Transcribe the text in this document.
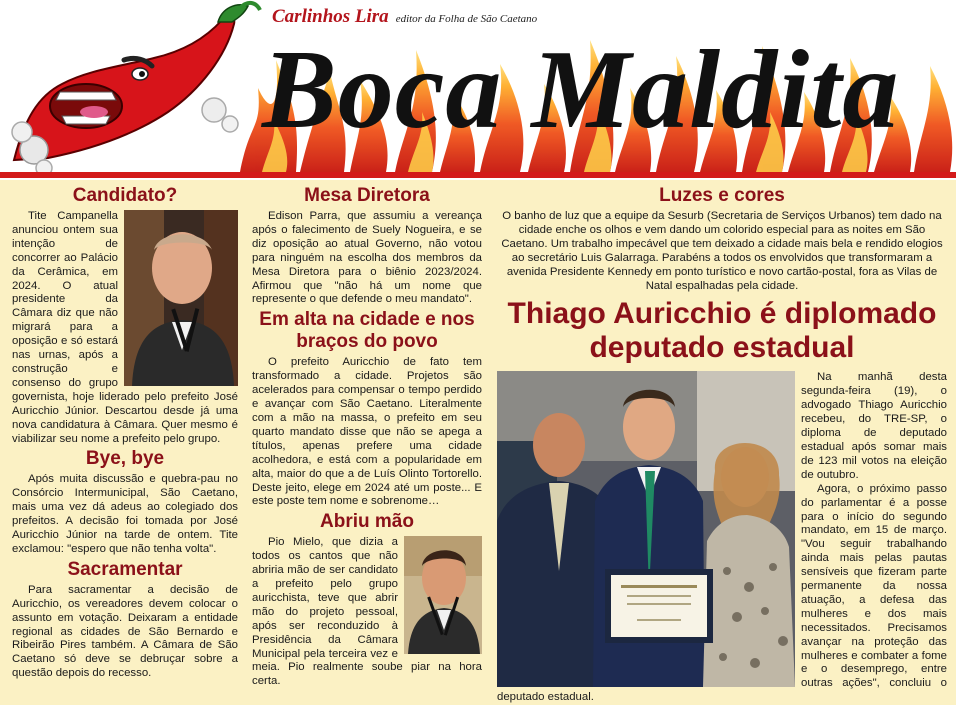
Carlinhos Lira editor da Folha de São Caetano
Boca Maldita
Candidato?

Tite Campanella anunciou ontem sua intenção de concorrer ao Palácio da Cerâmica, em 2024. O atual presidente da Câmara diz que não migrará para a oposição e só estará nas urnas, após a construção e consenso do grupo governista, hoje liderado pelo prefeito José Auricchio Júnior. Descartou desde já uma nova candidatura à Câmara. Quer mesmo é viabilizar seu nome a prefeito pelo grupo.

Bye, bye

Após muita discussão e quebra-pau no Consórcio Intermunicipal, São Caetano, mais uma vez dá adeus ao colegiado dos prefeitos. A decisão foi tomada por José Auricchio Júnior na tarde de ontem. Tite exclamou: "espero que não tenha volta".

Sacramentar

Para sacramentar a decisão de Auricchio, os vereadores devem colocar o assunto em votação. Deixaram a entidade regional as cidades de São Bernardo e Ribeirão Pires também. A Câmara de São Caetano só deve se debruçar sobre a questão depois do recesso.

Mesa Diretora

Edison Parra, que assumiu a vereança após o falecimento de Suely Nogueira, e se diz oposição ao atual Governo, não votou para ninguém na escolha dos membros da Mesa Diretora para o biênio 2023/2024. Afirmou que "não há um nome que represente o que defende o meu mandato".

Em alta na cidade e nos braços do povo

O prefeito Auricchio de fato tem transformado a cidade. Projetos são acelerados para compensar o tempo perdido e avançar com São Caetano. Literalmente com a mão na massa, o prefeito em seu quarto mandato disse que não se apega a títulos, apenas prefere uma cidade acolhedora, e está com a popularidade em alta, maior do que a de Luís Olinto Tortorello. Deste jeito, elege em 2024 até um poste... E este poste tem nome e sobrenome…

Abriu mão

Pio Mielo, que dizia a todos os cantos que não abriria mão de ser candidato a prefeito pelo grupo auricchista, teve que abrir mão do projeto pessoal, após ser reconduzido à Presidência da Câmara Municipal pela terceira vez e meia. Pio realmente soube piar na hora certa.

Luzes e cores

O banho de luz que a equipe da Sesurb (Secretaria de Serviços Urbanos) tem dado na cidade enche os olhos e vem dando um colorido especial para as noites em São Caetano. Um trabalho impecável que tem deixado a cidade mais bela e rendido elogios ao secretário Luis Galarraga. Parabéns a todos os envolvidos que transformaram a avenida Presidente Kennedy em ponto turístico e novo cartão-postal, fora as Vilas de Natal espalhadas pela cidade.

Thiago Auricchio é diplomado deputado estadual

Na manhã desta segunda-feira (19), o advogado Thiago Auricchio recebeu, do TRE-SP, o diploma de deputado estadual após somar mais de 123 mil votos na eleição de outubro.

Agora, o próximo passo do parlamentar é a posse para o início do segundo mandato, em 15 de março. "Vou seguir trabalhando ainda mais pelas pautas sensíveis que fizeram parte permanente da nossa atuação, a defesa das mulheres e dos mais necessitados. Precisamos avançar na proteção das mulheres e combater a fome e o desemprego, entre outras ações", concluiu o deputado estadual.
